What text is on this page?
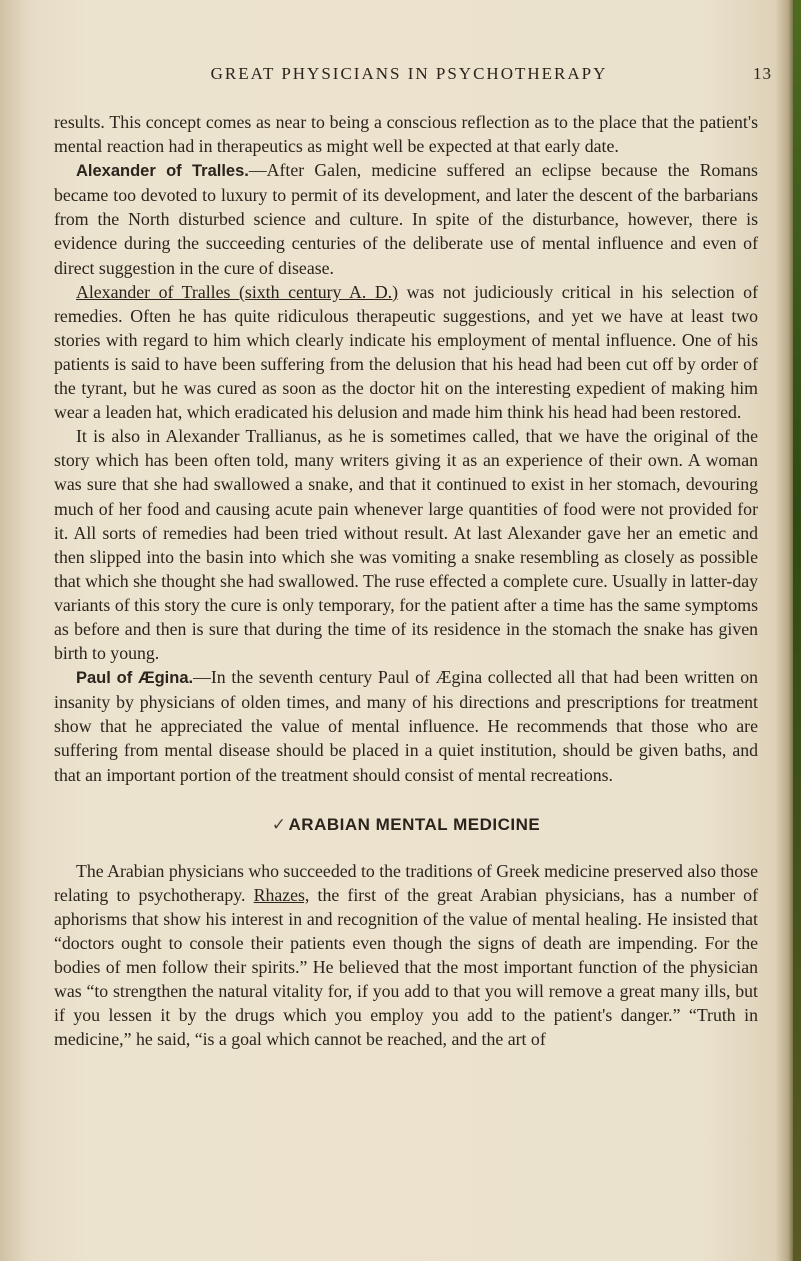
GREAT PHYSICIANS IN PSYCHOTHERAPY	13

results. This concept comes as near to being a conscious reflection as to the place that the patient's mental reaction had in therapeutics as might well be expected at that early date.

Alexander of Tralles.—After Galen, medicine suffered an eclipse because the Romans became too devoted to luxury to permit of its development, and later the descent of the barbarians from the North disturbed science and culture. In spite of the disturbance, however, there is evidence during the succeeding centuries of the deliberate use of mental influence and even of direct suggestion in the cure of disease.

Alexander of Tralles (sixth century A. D.) was not judiciously critical in his selection of remedies. Often he has quite ridiculous therapeutic suggestions, and yet we have at least two stories with regard to him which clearly indicate his employment of mental influence. One of his patients is said to have been suffering from the delusion that his head had been cut off by order of the tyrant, but he was cured as soon as the doctor hit on the interesting expedient of making him wear a leaden hat, which eradicated his delusion and made him think his head had been restored.

It is also in Alexander Trallianus, as he is sometimes called, that we have the original of the story which has been often told, many writers giving it as an experience of their own. A woman was sure that she had swallowed a snake, and that it continued to exist in her stomach, devouring much of her food and causing acute pain whenever large quantities of food were not provided for it. All sorts of remedies had been tried without result. At last Alexander gave her an emetic and then slipped into the basin into which she was vomiting a snake resembling as closely as possible that which she thought she had swallowed. The ruse effected a complete cure. Usually in latter-day variants of this story the cure is only temporary, for the patient after a time has the same symptoms as before and then is sure that during the time of its residence in the stomach the snake has given birth to young.

Paul of Ægina.—In the seventh century Paul of Ægina collected all that had been written on insanity by physicians of olden times, and many of his directions and prescriptions for treatment show that he appreciated the value of mental influence. He recommends that those who are suffering from mental disease should be placed in a quiet institution, should be given baths, and that an important portion of the treatment should consist of mental recreations.

✓ ARABIAN MENTAL MEDICINE

The Arabian physicians who succeeded to the traditions of Greek medicine preserved also those relating to psychotherapy. Rhazes, the first of the great Arabian physicians, has a number of aphorisms that show his interest in and recognition of the value of mental healing. He insisted that “doctors ought to console their patients even though the signs of death are impending. For the bodies of men follow their spirits.” He believed that the most important function of the physician was “to strengthen the natural vitality for, if you add to that you will remove a great many ills, but if you lessen it by the drugs which you employ you add to the patient's danger.” “Truth in medicine,” he said, “is a goal which cannot be reached, and the art of
